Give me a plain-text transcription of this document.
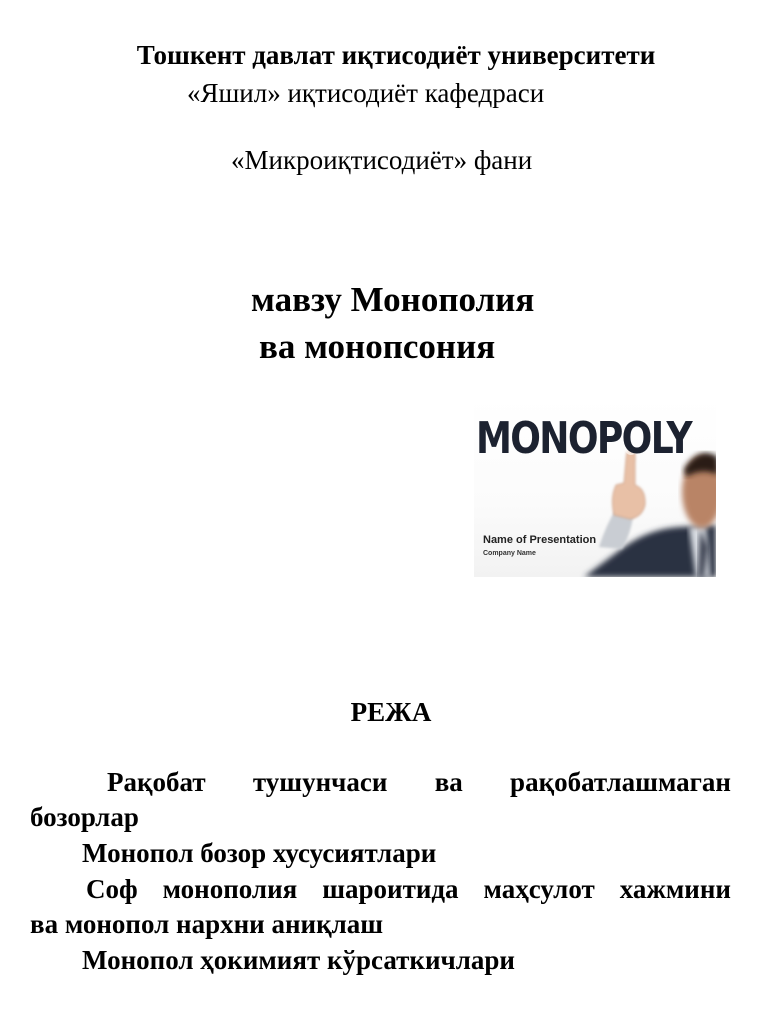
Тошкент давлат иқтисодиёт университети

«Яшил» иқтисодиёт кафедраси

«Микроиқтисодиёт» фани

мавзу Монополия

ва монопсония

MONOPOLY
Name of Presentation
Company Name

РЕЖА

Рақобат тушунчаси ва рақобатлашмаган

бозорлар

Монопол бозор хусусиятлари

Соф монополия шароитида маҳсулот хажмини

ва монопол нархни аниқлаш

Монопол ҳокимият кўрсаткичлари
